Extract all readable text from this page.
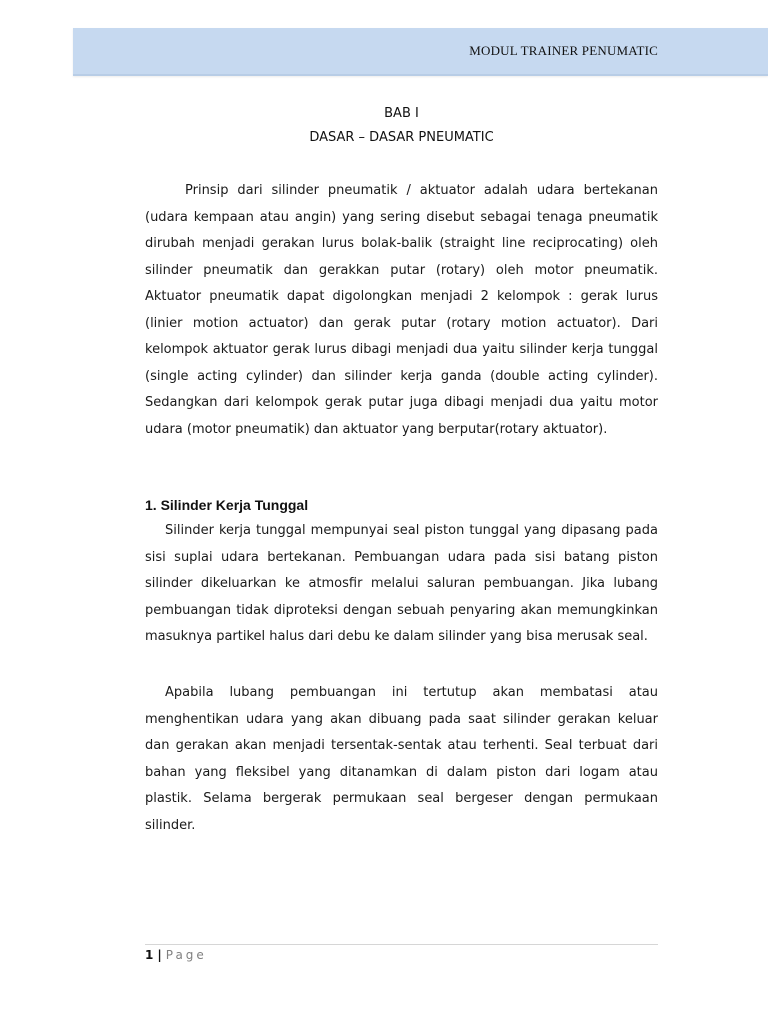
MODUL TRAINER PENUMATIC
BAB I
DASAR – DASAR PNEUMATIC

Prinsip dari silinder pneumatik / aktuator adalah udara bertekanan (udara kempaan atau angin) yang sering disebut sebagai tenaga pneumatik dirubah menjadi gerakan lurus bolak-balik (straight line reciprocating) oleh silinder pneumatik dan gerakkan putar (rotary) oleh motor pneumatik. Aktuator pneumatik dapat digolongkan menjadi 2 kelompok : gerak lurus (linier motion actuator) dan gerak putar (rotary motion actuator). Dari kelompok aktuator gerak lurus dibagi menjadi dua yaitu silinder kerja tunggal (single acting cylinder) dan silinder kerja ganda (double acting cylinder). Sedangkan dari kelompok gerak putar juga dibagi menjadi dua yaitu motor udara (motor pneumatik) dan aktuator yang berputar(rotary aktuator).

1. Silinder Kerja Tunggal

Silinder kerja tunggal mempunyai seal piston tunggal yang dipasang pada sisi suplai udara bertekanan. Pembuangan udara pada sisi batang piston silinder dikeluarkan ke atmosfir melalui saluran pembuangan. Jika lubang pembuangan tidak diproteksi dengan sebuah penyaring akan memungkinkan masuknya partikel halus dari debu ke dalam silinder yang bisa merusak seal.

Apabila lubang pembuangan ini tertutup akan membatasi atau menghentikan udara yang akan dibuang pada saat silinder gerakan keluar dan gerakan akan menjadi tersentak-sentak atau terhenti. Seal terbuat dari bahan yang fleksibel yang ditanamkan di dalam piston dari logam atau plastik. Selama bergerak permukaan seal bergeser dengan permukaan silinder.

1 | Page
